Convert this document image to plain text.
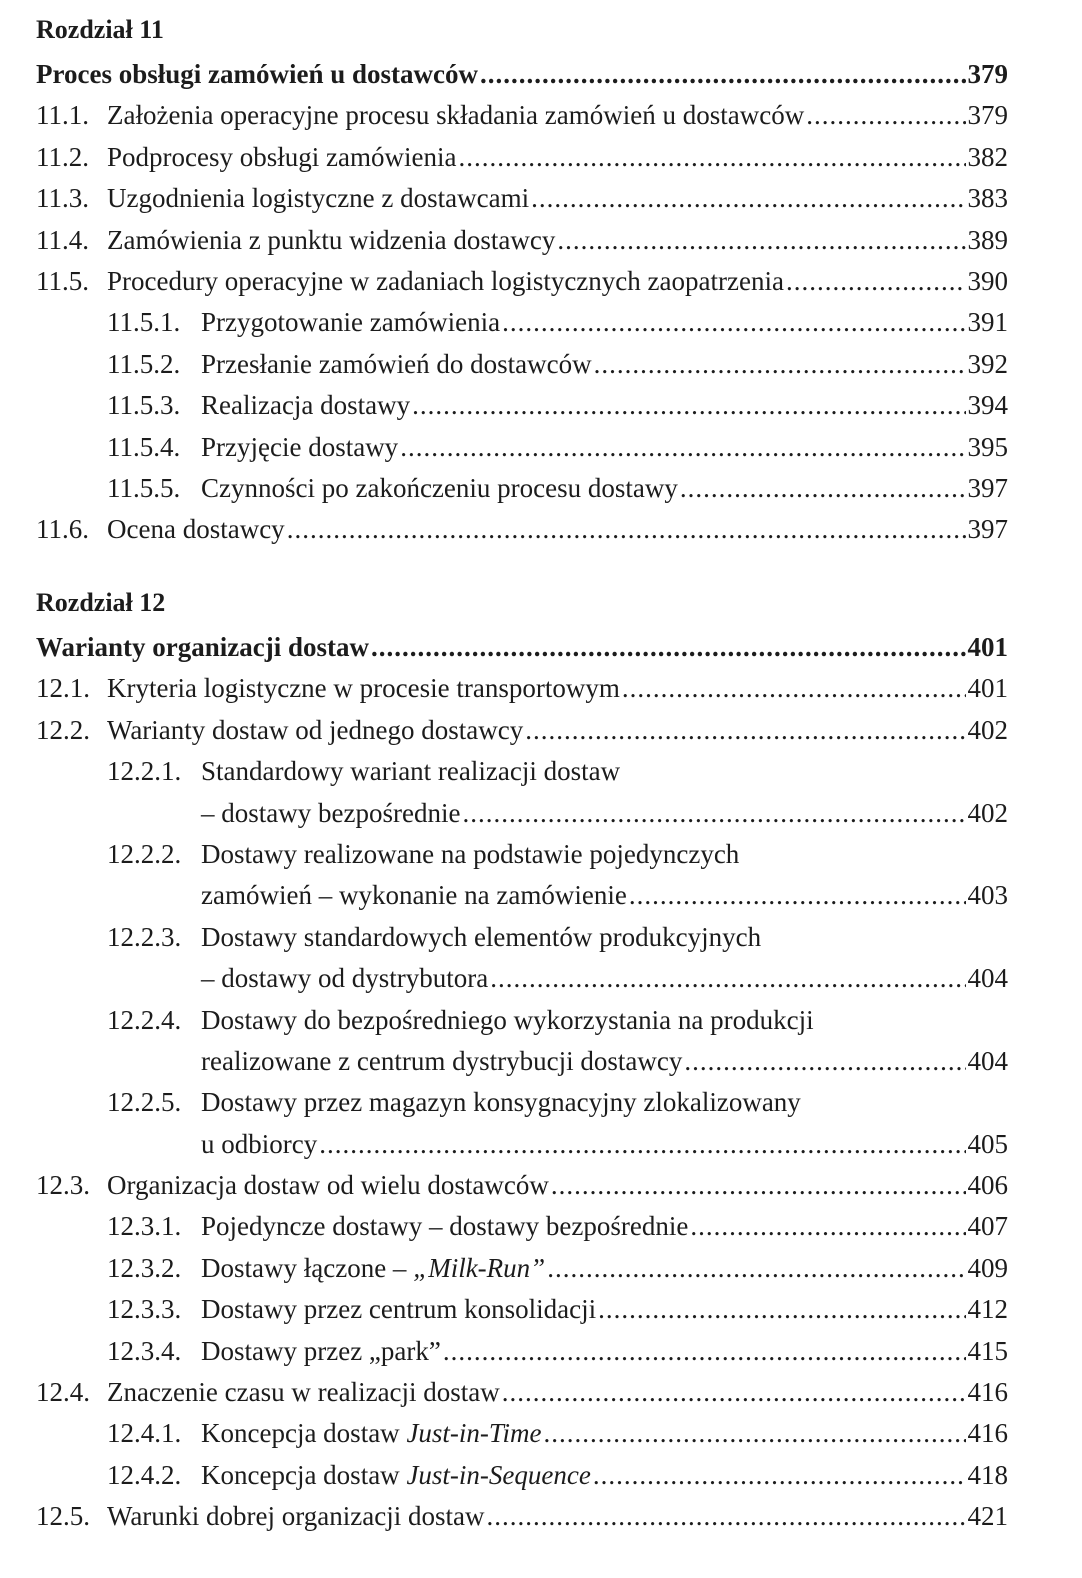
Rozdział 11
Proces obsługi zamówień u dostawców .....	379
11.1. Założenia operacyjne procesu składania zamówień u dostawców .....	379
11.2. Podprocesy obsługi zamówienia .....	382
11.3. Uzgodnienia logistyczne z dostawcami .....	383
11.4. Zamówienia z punktu widzenia dostawcy .....	389
11.5. Procedury operacyjne w zadaniach logistycznych zaopatrzenia .....	390
11.5.1. Przygotowanie zamówienia .....	391
11.5.2. Przesłanie zamówień do dostawców .....	392
11.5.3. Realizacja dostawy .....	394
11.5.4. Przyjęcie dostawy .....	395
11.5.5. Czynności po zakończeniu procesu dostawy .....	397
11.6. Ocena dostawcy .....	397
Rozdział 12
Warianty organizacji dostaw .....	401
12.1. Kryteria logistyczne w procesie transportowym .....	401
12.2. Warianty dostaw od jednego dostawcy .....	402
12.2.1. Standardowy wariant realizacji dostaw
– dostawy bezpośrednie .....	402
12.2.2. Dostawy realizowane na podstawie pojedynczych
zamówień – wykonanie na zamówienie .....	403
12.2.3. Dostawy standardowych elementów produkcyjnych
– dostawy od dystrybutora .....	404
12.2.4. Dostawy do bezpośredniego wykorzystania na produkcji
realizowane z centrum dystrybucji dostawcy .....	404
12.2.5. Dostawy przez magazyn konsygnacyjny zlokalizowany
u odbiorcy .....	405
12.3. Organizacja dostaw od wielu dostawców .....	406
12.3.1. Pojedyncze dostawy – dostawy bezpośrednie .....	407
12.3.2. Dostawy łączone – „Milk-Run” .....	409
12.3.3. Dostawy przez centrum konsolidacji .....	412
12.3.4. Dostawy przez „park” .....	415
12.4. Znaczenie czasu w realizacji dostaw .....	416
12.4.1. Koncepcja dostaw Just-in-Time .....	416
12.4.2. Koncepcja dostaw Just-in-Sequence .....	418
12.5. Warunki dobrej organizacji dostaw .....	421
